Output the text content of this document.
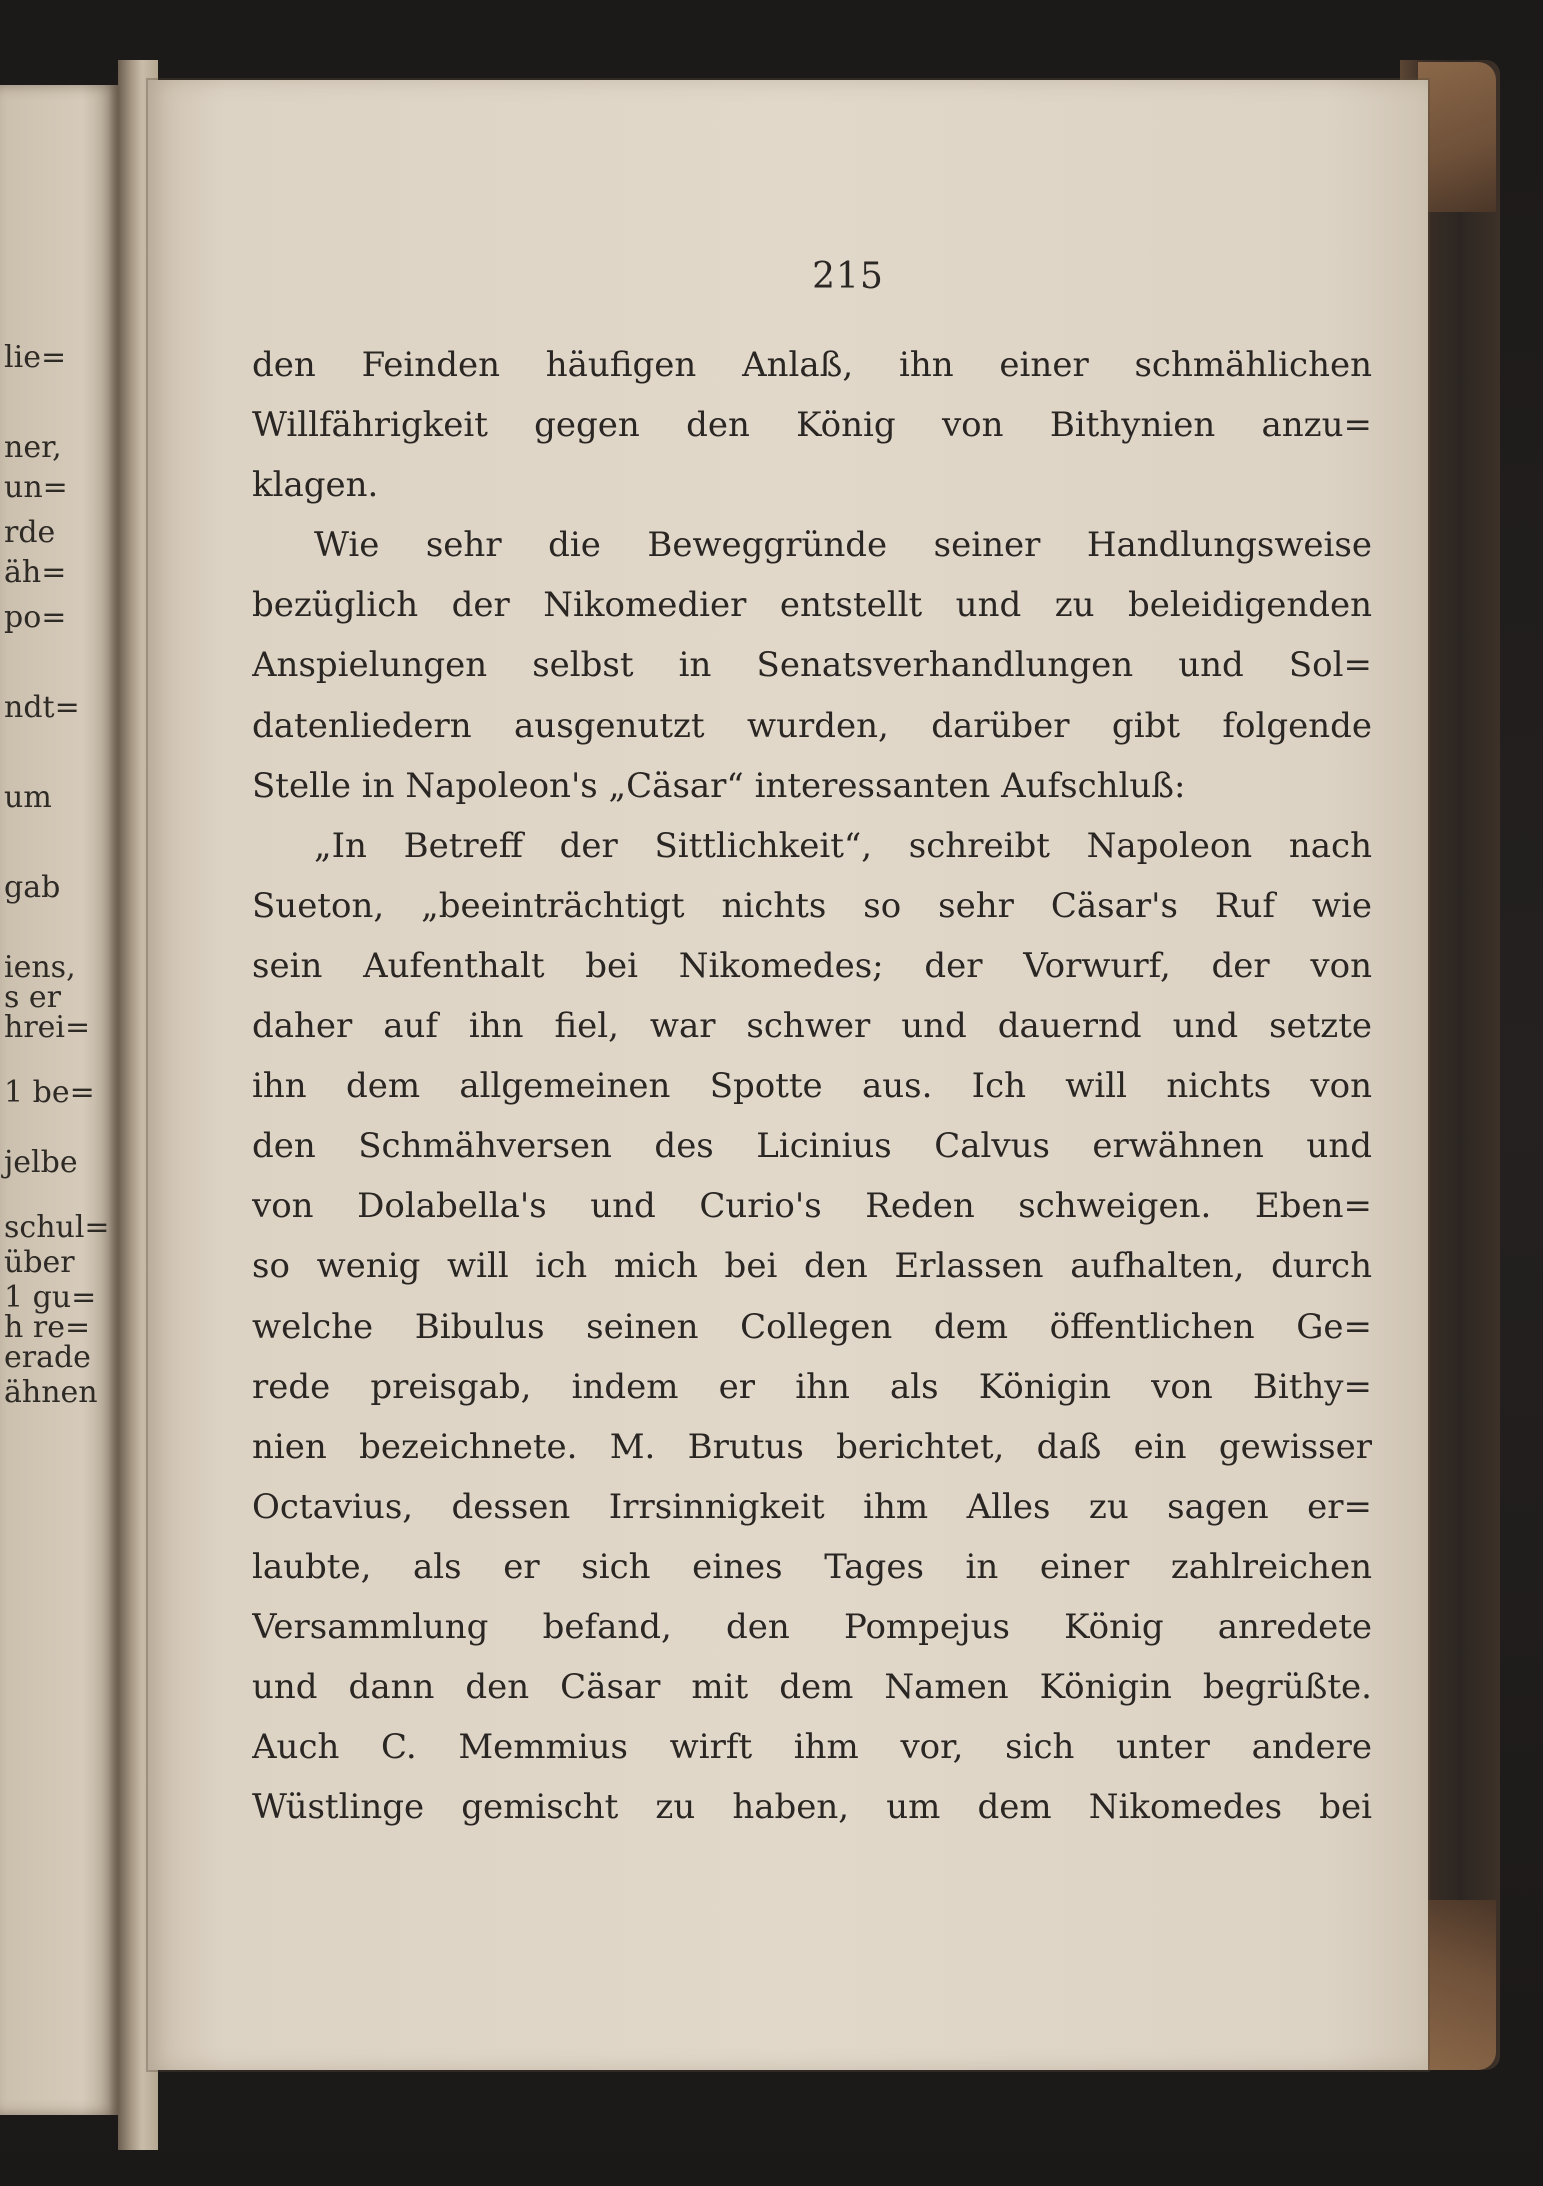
lie=
ner,
un=
rde
äh=
po=
ndt=
um
gab
iens,
s er
hrei=
1 be=
jelbe
schul=
über
1 gu=
h re=
erade
ähnen
215
den Feinden häufigen Anlaß, ihn einer schmählichen
Willfährigkeit gegen den König von Bithynien anzu=
klagen.
Wie sehr die Beweggründe seiner Handlungsweise
bezüglich der Nikomedier entstellt und zu beleidigenden
Anspielungen selbst in Senatsverhandlungen und Sol=
datenliedern ausgenutzt wurden, darüber gibt folgende
Stelle in Napoleon's „Cäsar“ interessanten Aufschluß:
„In Betreff der Sittlichkeit“, schreibt Napoleon nach
Sueton, „beeinträchtigt nichts so sehr Cäsar's Ruf wie
sein Aufenthalt bei Nikomedes; der Vorwurf, der von
daher auf ihn fiel, war schwer und dauernd und setzte
ihn dem allgemeinen Spotte aus. Ich will nichts von
den Schmähversen des Licinius Calvus erwähnen und
von Dolabella's und Curio's Reden schweigen. Eben=
so wenig will ich mich bei den Erlassen aufhalten, durch
welche Bibulus seinen Collegen dem öffentlichen Ge=
rede preisgab, indem er ihn als Königin von Bithy=
nien bezeichnete. M. Brutus berichtet, daß ein gewisser
Octavius, dessen Irrsinnigkeit ihm Alles zu sagen er=
laubte, als er sich eines Tages in einer zahlreichen
Versammlung befand, den Pompejus König anredete
und dann den Cäsar mit dem Namen Königin begrüßte.
Auch C. Memmius wirft ihm vor, sich unter andere
Wüstlinge gemischt zu haben, um dem Nikomedes bei
